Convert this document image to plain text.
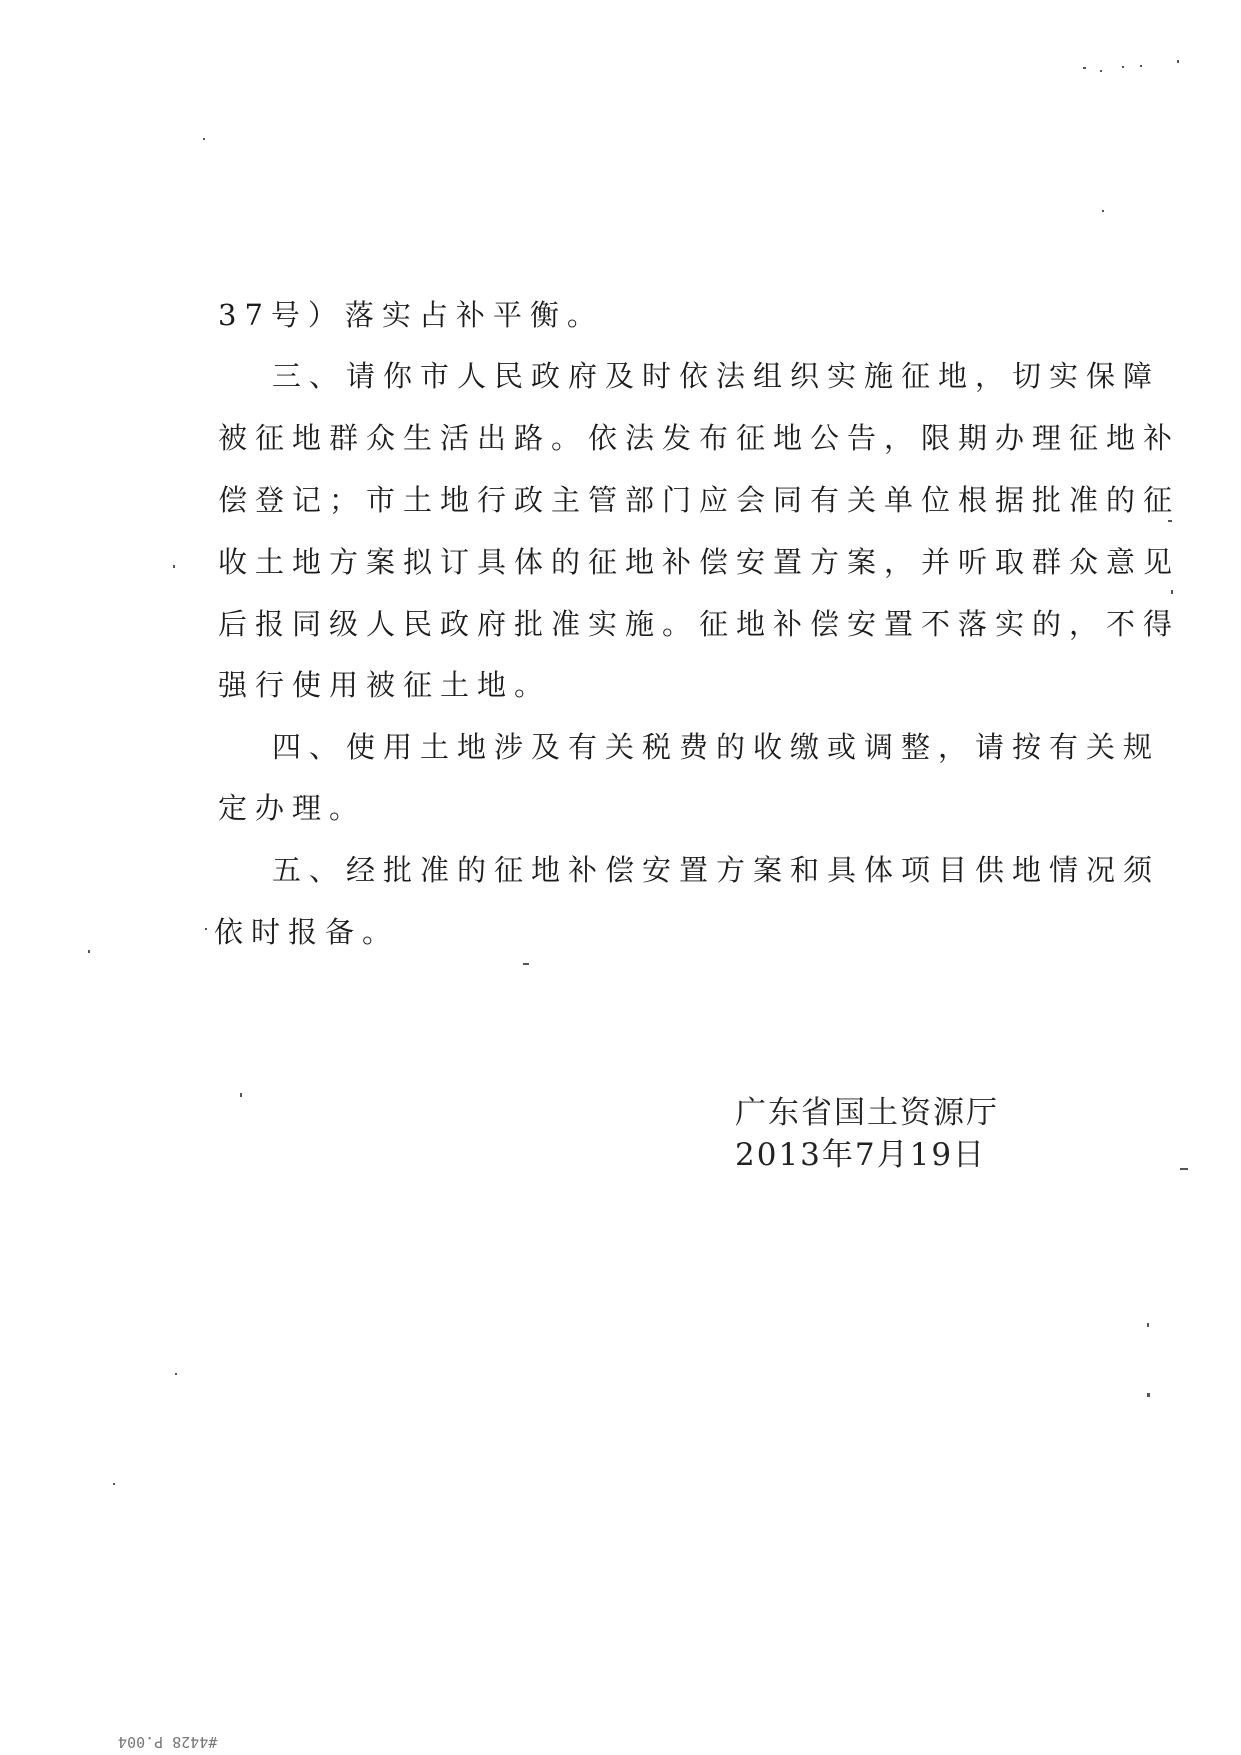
37号）落实占补平衡。
三、请你市人民政府及时依法组织实施征地，切实保障
被征地群众生活出路。依法发布征地公告，限期办理征地补
偿登记；市土地行政主管部门应会同有关单位根据批准的征
收土地方案拟订具体的征地补偿安置方案，并听取群众意见
后报同级人民政府批准实施。征地补偿安置不落实的，不得
强行使用被征土地。
四、使用土地涉及有关税费的收缴或调整，请按有关规
定办理。
五、经批准的征地补偿安置方案和具体项目供地情况须
依时报备。
广东省国土资源厅
2013年7月19日
#4428 P.004
